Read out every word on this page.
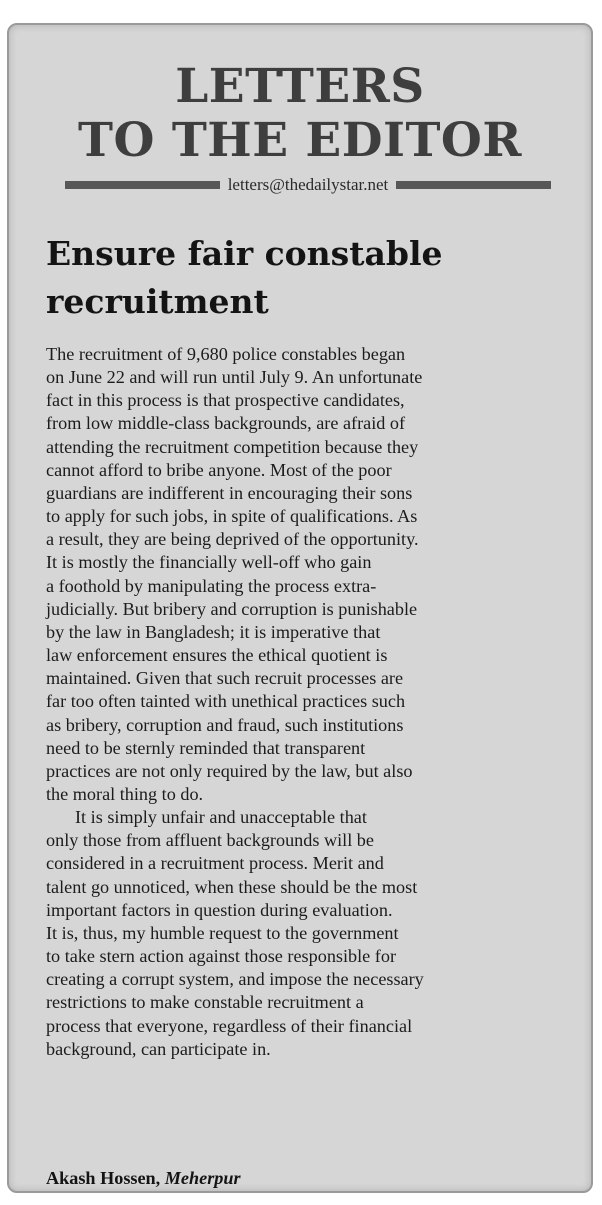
LETTERS
TO THE EDITOR
letters@thedailystar.net
Ensure fair constable
recruitment
The recruitment of 9,680 police constables began
on June 22 and will run until July 9. An unfortunate
fact in this process is that prospective candidates,
from low middle-class backgrounds, are afraid of
attending the recruitment competition because they
cannot afford to bribe anyone. Most of the poor
guardians are indifferent in encouraging their sons
to apply for such jobs, in spite of qualifications. As
a result, they are being deprived of the opportunity.
It is mostly the financially well-off who gain
a foothold by manipulating the process extra-
judicially. But bribery and corruption is punishable
by the law in Bangladesh; it is imperative that
law enforcement ensures the ethical quotient is
maintained. Given that such recruit processes are
far too often tainted with unethical practices such
as bribery, corruption and fraud, such institutions
need to be sternly reminded that transparent
practices are not only required by the law, but also
the moral thing to do.
It is simply unfair and unacceptable that
only those from affluent backgrounds will be
considered in a recruitment process. Merit and
talent go unnoticed, when these should be the most
important factors in question during evaluation.
It is, thus, my humble request to the government
to take stern action against those responsible for
creating a corrupt system, and impose the necessary
restrictions to make constable recruitment a
process that everyone, regardless of their financial
background, can participate in.
Akash Hossen, Meherpur
